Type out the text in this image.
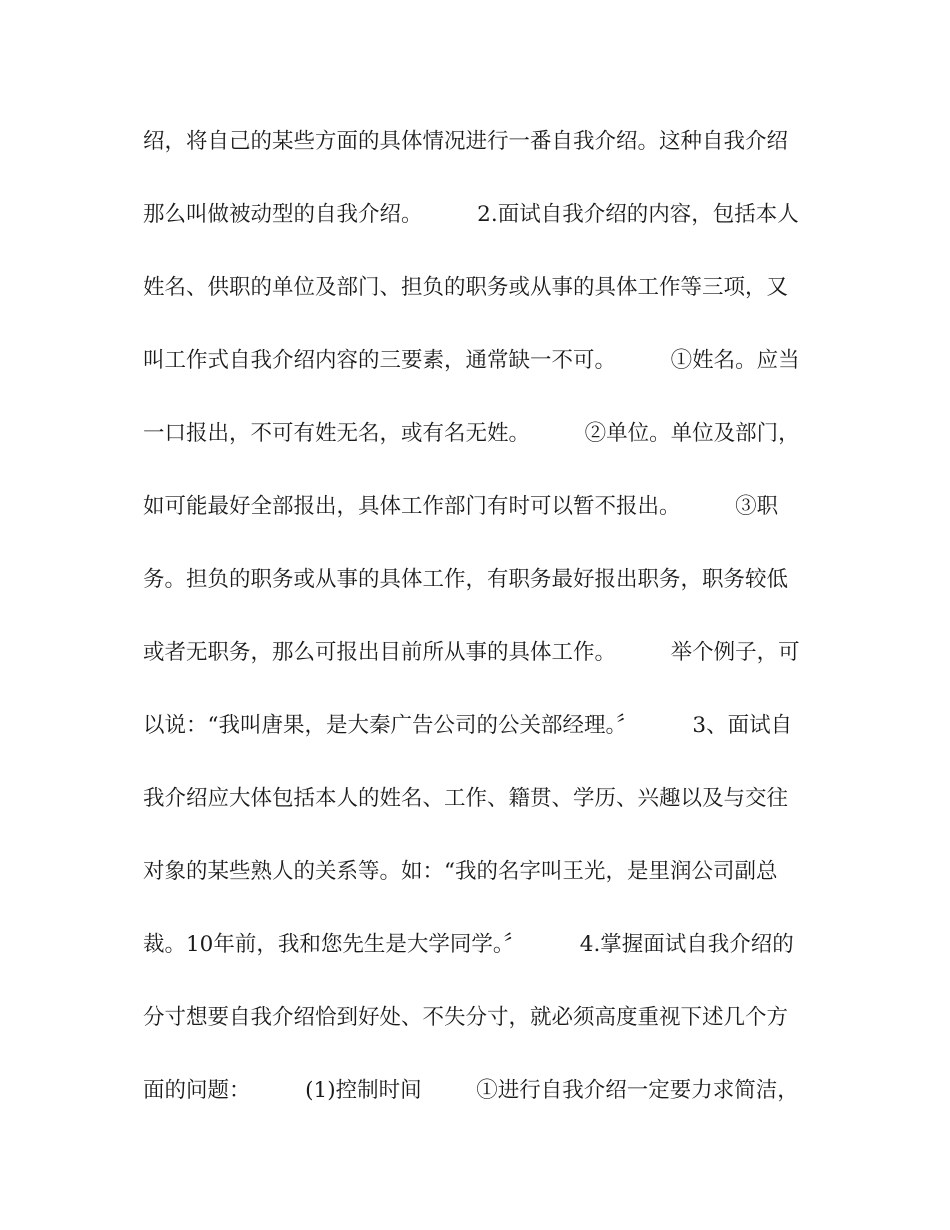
绍，将自己的某些方面的具体情况进行一番自我介绍。这种自我介绍
那么叫做被动型的自我介绍。        2.面试自我介绍的内容，包括本人
姓名、供职的单位及部门、担负的职务或从事的具体工作等三项，又
叫工作式自我介绍内容的三要素，通常缺一不可。        ①姓名。应当
一口报出，不可有姓无名，或有名无姓。        ②单位。单位及部门，
如可能最好全部报出，具体工作部门有时可以暂不报出。        ③职
务。担负的职务或从事的具体工作，有职务最好报出职务，职务较低
或者无职务，那么可报出目前所从事的具体工作。        举个例子，可
以说：“我叫唐果，是大秦广告公司的公关部经理。〞        3、面试自
我介绍应大体包括本人的姓名、工作、籍贯、学历、兴趣以及与交往
对象的某些熟人的关系等。如：“我的名字叫王光，是里润公司副总
裁。10年前，我和您先生是大学同学。〞        4.掌握面试自我介绍的
分寸想要自我介绍恰到好处、不失分寸，就必须高度重视下述几个方
面的问题：        (1)控制时间        ①进行自我介绍一定要力求简洁，
